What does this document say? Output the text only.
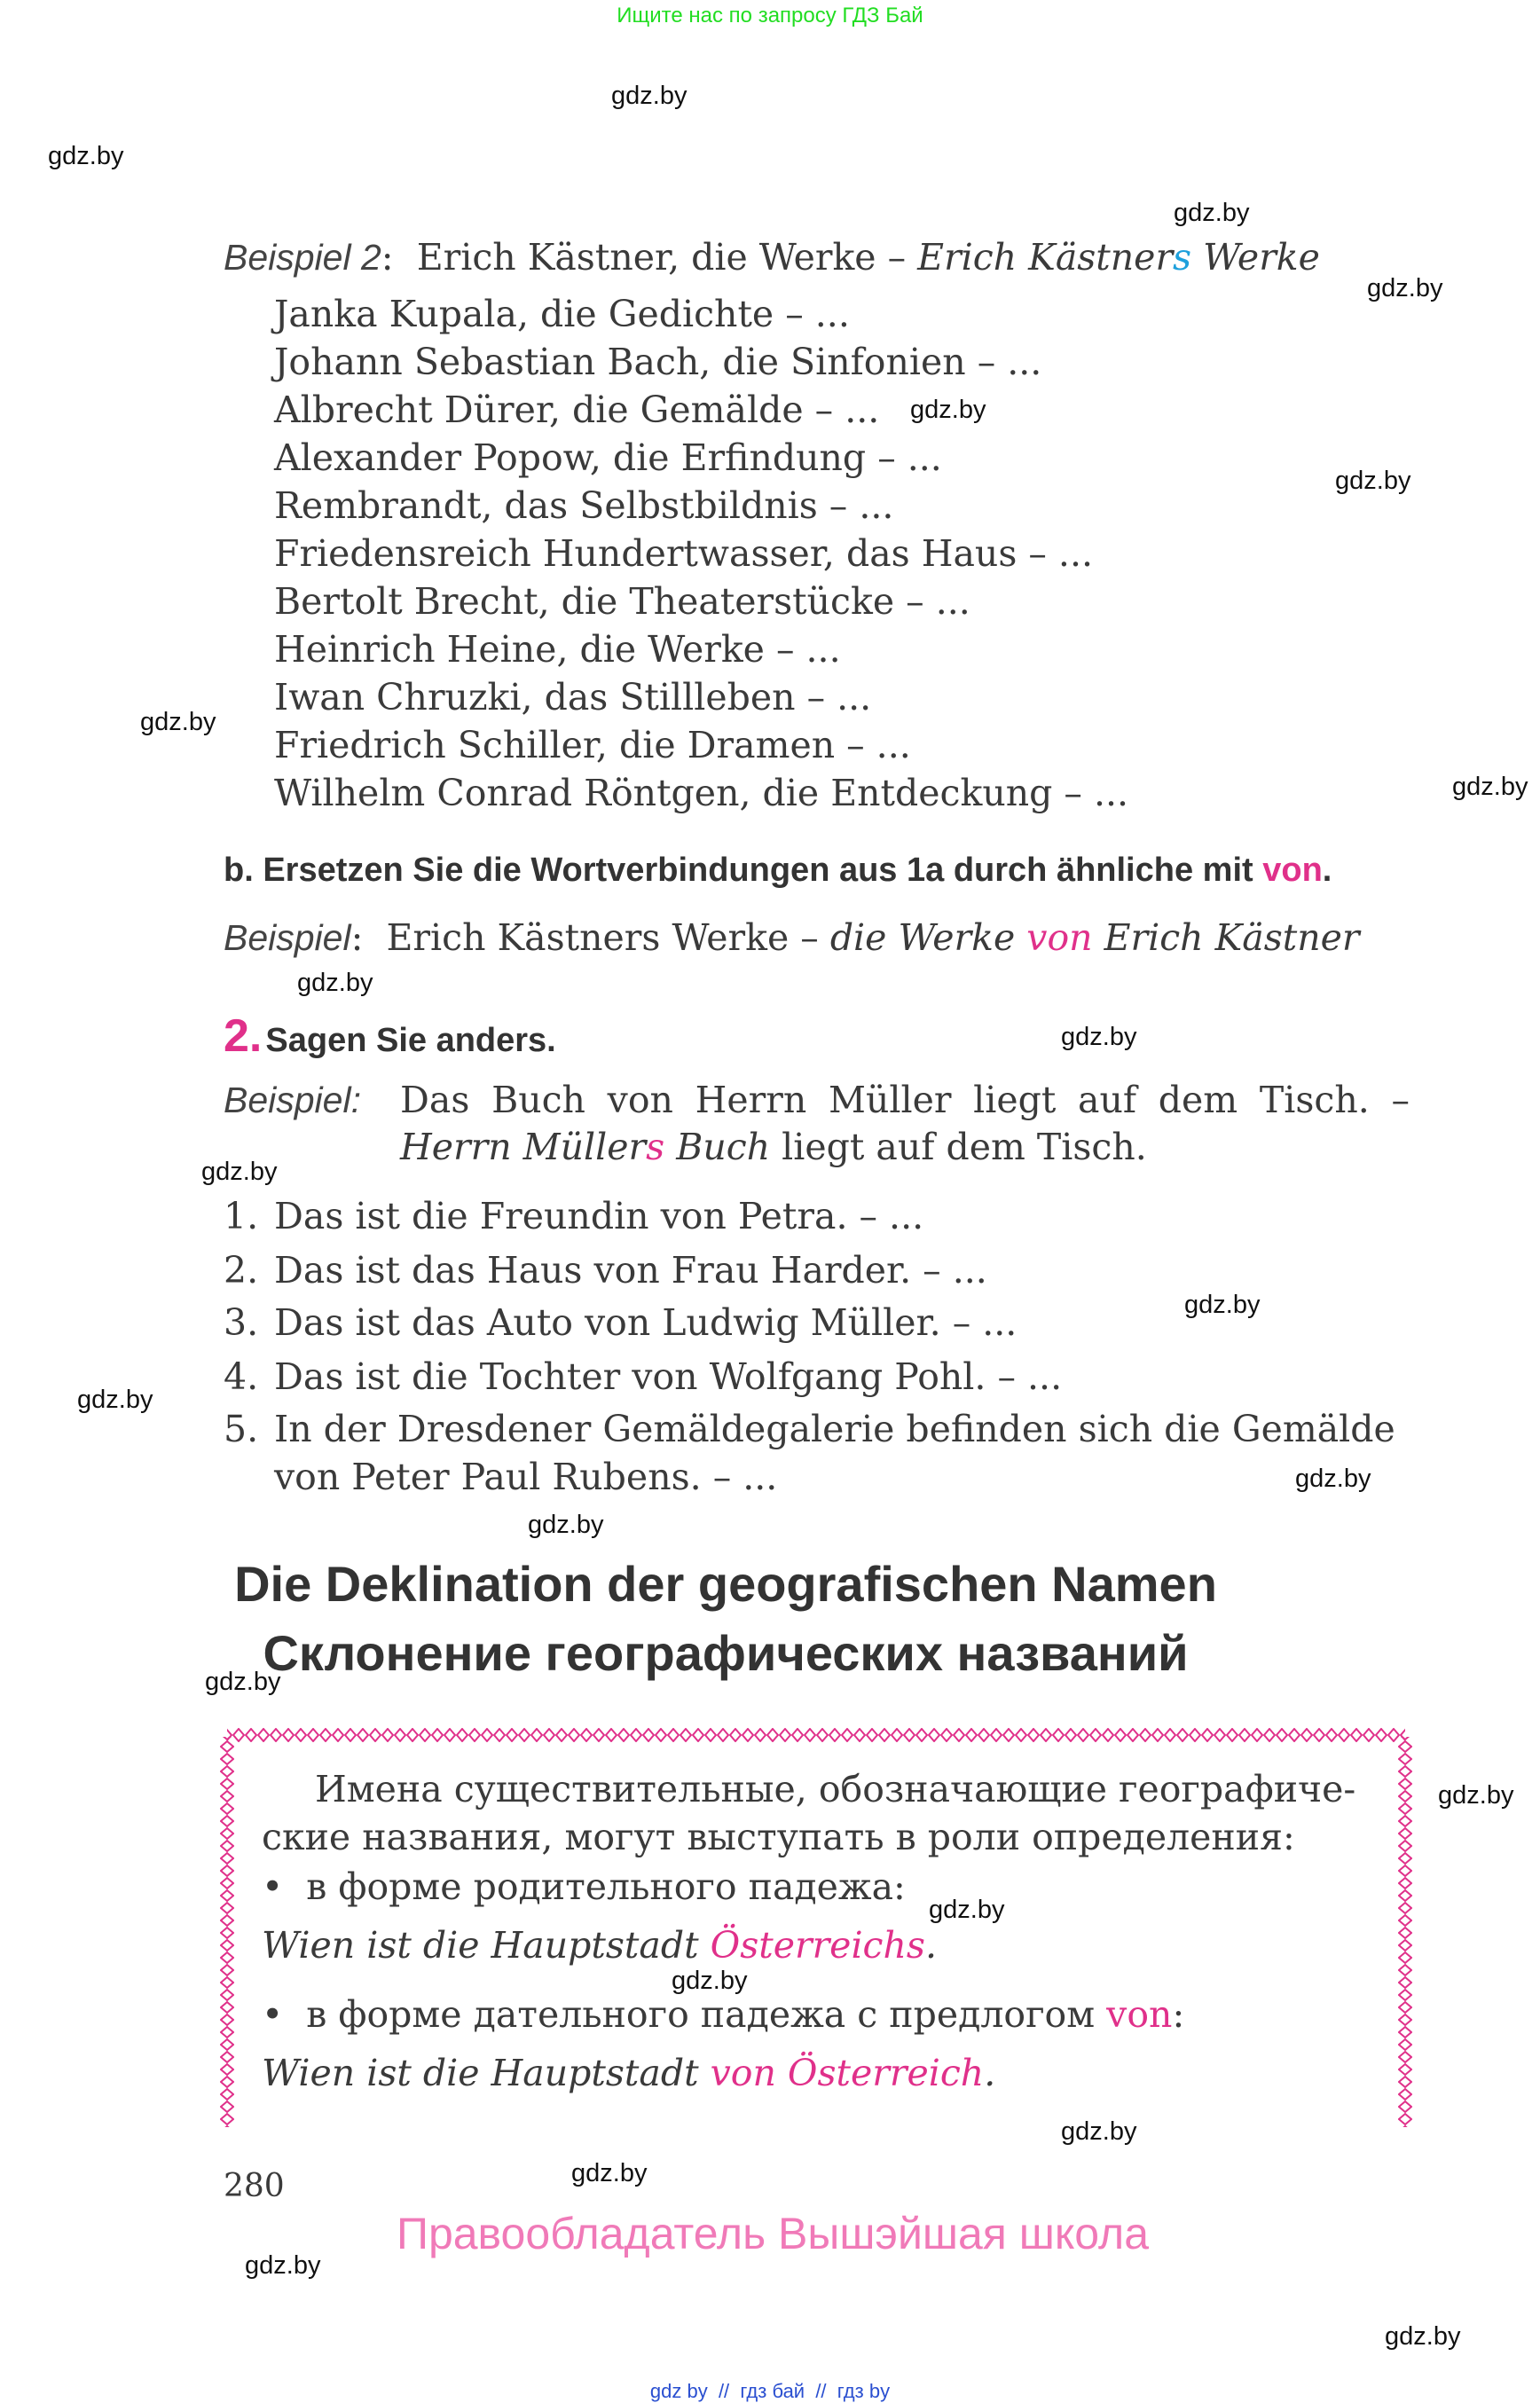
Ищите нас по запросу ГДЗ Бай
gdz.by
gdz.by
gdz.by
gdz.by
gdz.by
gdz.by
gdz.by
gdz.by
gdz.by
gdz.by
gdz.by
gdz.by
gdz.by
gdz.by
gdz.by
gdz.by
gdz.by
gdz.by
gdz.by
gdz.by
gdz.by
gdz.by
gdz.by
Beispiel 2: Erich Kästner, die Werke – Erich Kästners Werke
Janka Kupala, die Gedichte – ...
Johann Sebastian Bach, die Sinfonien – ...
Albrecht Dürer, die Gemälde – ...
Alexander Popow, die Erfindung – ...
Rembrandt, das Selbstbildnis – ...
Friedensreich Hundertwasser, das Haus – ...
Bertolt Brecht, die Theaterstücke – ...
Heinrich Heine, die Werke – ...
Iwan Chruzki, das Stillleben – ...
Friedrich Schiller, die Dramen – ...
Wilhelm Conrad Röntgen, die Entdeckung – ...
b. Ersetzen Sie die Wortverbindungen aus 1a durch ähnliche mit von.
Beispiel: Erich Kästners Werke – die Werke von Erich Kästner
2. Sagen Sie anders.
Beispiel: Das Buch von Herrn Müller liegt auf dem Tisch. –
Herrn Müllers Buch liegt auf dem Tisch.
1. Das ist die Freundin von Petra. – ...
2. Das ist das Haus von Frau Harder. – ...
3. Das ist das Auto von Ludwig Müller. – ...
4. Das ist die Tochter von Wolfgang Pohl. – ...
5. In der Dresdener Gemäldegalerie befinden sich die Gemälde
von Peter Paul Rubens. – ...
Die Deklination der geografischen Namen
Склонение географических названий
Имена существительные, обозначающие географиче-
ские названия, могут выступать в роли определения:
• в форме родительного падежа:
Wien ist die Hauptstadt Österreichs.
• в форме дательного падежа с предлогом von:
Wien ist die Hauptstadt von Österreich.
280
Правообладатель Вышэйшая школа
gdz by  //  гдз бай  //  гдз by
